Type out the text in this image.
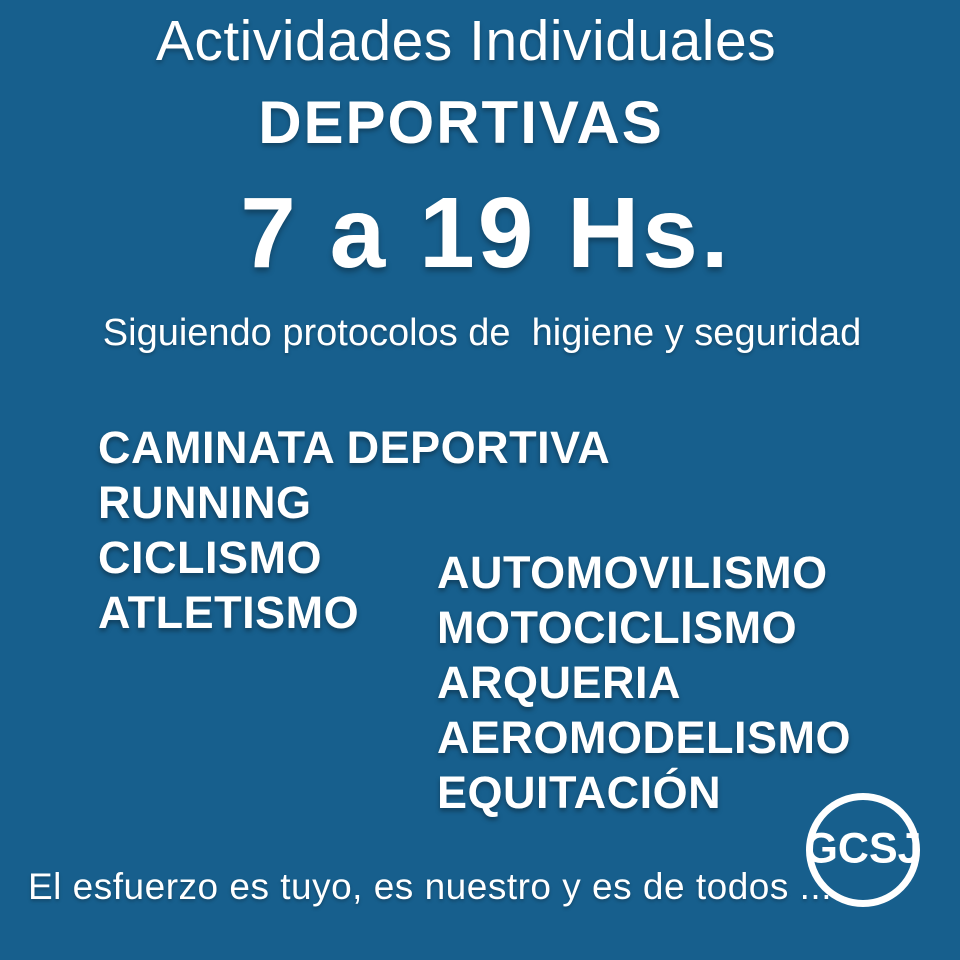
Actividades Individuales
DEPORTIVAS
7 a 19 Hs.
Siguiendo protocolos de  higiene y seguridad
CAMINATA DEPORTIVA
RUNNING
CICLISMO
ATLETISMO
AUTOMOVILISMO
MOTOCICLISMO
ARQUERIA
AEROMODELISMO
EQUITACIÓN
El esfuerzo es tuyo, es nuestro y es de todos ...
GCSJ
